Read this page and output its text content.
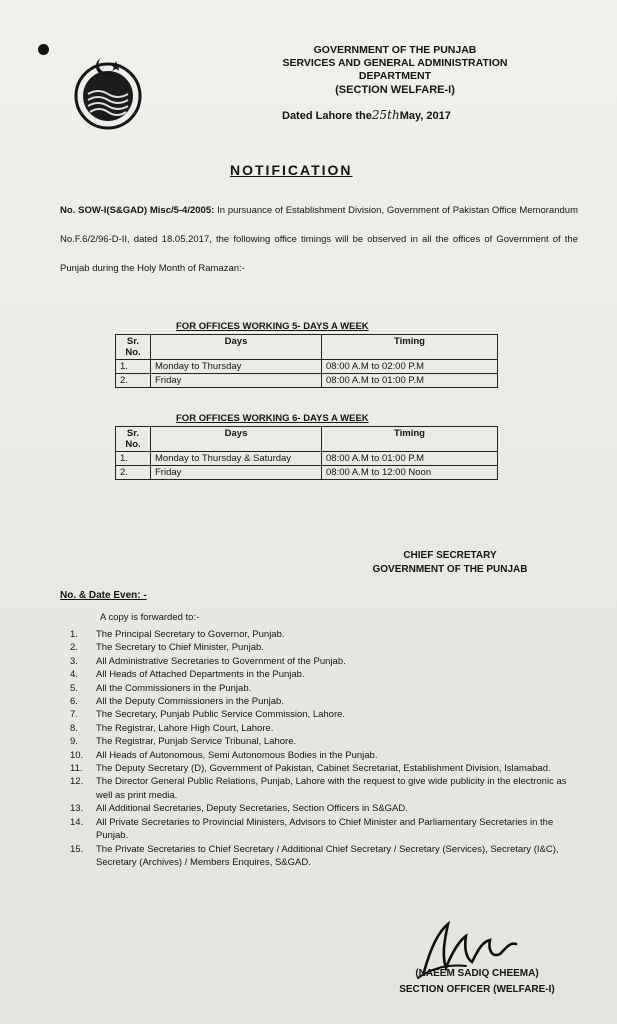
GOVERNMENT OF THE PUNJAB
SERVICES AND GENERAL ADMINISTRATION
DEPARTMENT
(SECTION WELFARE-I)
Dated Lahore the25thMay, 2017
NOTIFICATION
No. SOW-I(S&GAD) Misc/5-4/2005: In pursuance of Establishment Division, Government of Pakistan Office Memorandum No.F.6/2/96-D-II, dated 18.05.2017, the following office timings will be observed in all the offices of Government of the Punjab during the Holy Month of Ramazan:-
FOR OFFICES WORKING 5- DAYS A WEEK
Sr. No.	Days	Timing
1.	Monday to Thursday	08:00 A.M to 02:00 P.M
2.	Friday	08:00 A.M to 01:00 P.M
FOR OFFICES WORKING 6- DAYS A WEEK
Sr. No.	Days	Timing
1.	Monday to Thursday & Saturday	08:00 A.M to 01:00 P.M
2.	Friday	08:00 A.M to 12:00 Noon
CHIEF SECRETARY
GOVERNMENT OF THE PUNJAB
No. & Date Even: -
A copy is forwarded to:-
1.	The Principal Secretary to Governor, Punjab.
2.	The Secretary to Chief Minister, Punjab.
3.	All Administrative Secretaries to Government of the Punjab.
4.	All Heads of Attached Departments in the Punjab.
5.	All the Commissioners in the Punjab.
6.	All the Deputy Commissioners in the Punjab.
7.	The Secretary, Punjab Public Service Commission, Lahore.
8.	The Registrar, Lahore High Court, Lahore.
9.	The Registrar, Punjab Service Tribunal, Lahore.
10.	All Heads of Autonomous, Semi Autonomous Bodies in the Punjab.
11.	The Deputy Secretary (D), Government of Pakistan, Cabinet Secretariat, Establishment Division, Islamabad.
12.	The Director General Public Relations, Punjab, Lahore with the request to give wide publicity in the electronic as well as print media.
13.	All Additional Secretaries, Deputy Secretaries, Section Officers in S&GAD.
14.	All Private Secretaries to Provincial Ministers, Advisors to Chief Minister and Parliamentary Secretaries in the Punjab.
15.	The Private Secretaries to Chief Secretary / Additional Chief Secretary / Secretary (Services), Secretary (I&C), Secretary (Archives) / Members Enquires, S&GAD.
(NAEEM SADIQ CHEEMA)
SECTION OFFICER (WELFARE-I)
